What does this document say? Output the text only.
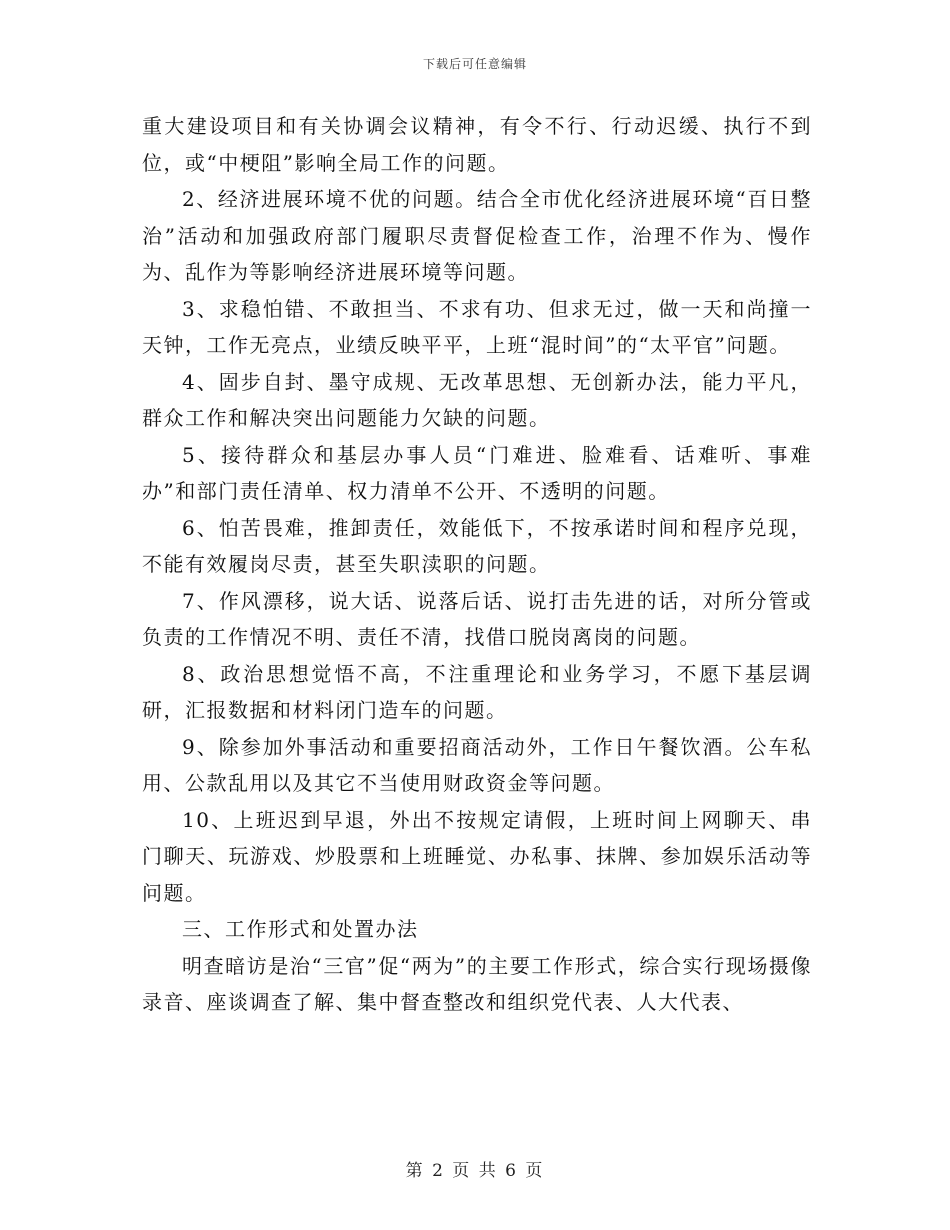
下载后可任意编辑

重大建设项目和有关协调会议精神，有令不行、行动迟缓、执行不到位，或“中梗阻”影响全局工作的问题。

2、经济进展环境不优的问题。结合全市优化经济进展环境“百日整治”活动和加强政府部门履职尽责督促检查工作，治理不作为、慢作为、乱作为等影响经济进展环境等问题。

3、求稳怕错、不敢担当、不求有功、但求无过，做一天和尚撞一天钟，工作无亮点，业绩反映平平，上班“混时间”的“太平官”问题。

4、固步自封、墨守成规、无改革思想、无创新办法，能力平凡，群众工作和解决突出问题能力欠缺的问题。

5、接待群众和基层办事人员“门难进、脸难看、话难听、事难办”和部门责任清单、权力清单不公开、不透明的问题。

6、怕苦畏难，推卸责任，效能低下，不按承诺时间和程序兑现，不能有效履岗尽责，甚至失职渎职的问题。

7、作风漂移，说大话、说落后话、说打击先进的话，对所分管或负责的工作情况不明、责任不清，找借口脱岗离岗的问题。

8、政治思想觉悟不高，不注重理论和业务学习，不愿下基层调研，汇报数据和材料闭门造车的问题。

9、除参加外事活动和重要招商活动外，工作日午餐饮酒。公车私用、公款乱用以及其它不当使用财政资金等问题。

10、上班迟到早退，外出不按规定请假，上班时间上网聊天、串门聊天、玩游戏、炒股票和上班睡觉、办私事、抹牌、参加娱乐活动等问题。

三、工作形式和处置办法

明查暗访是治“三官”促“两为”的主要工作形式，综合实行现场摄像录音、座谈调查了解、集中督查整改和组织党代表、人大代表、

第 2 页 共 6 页
